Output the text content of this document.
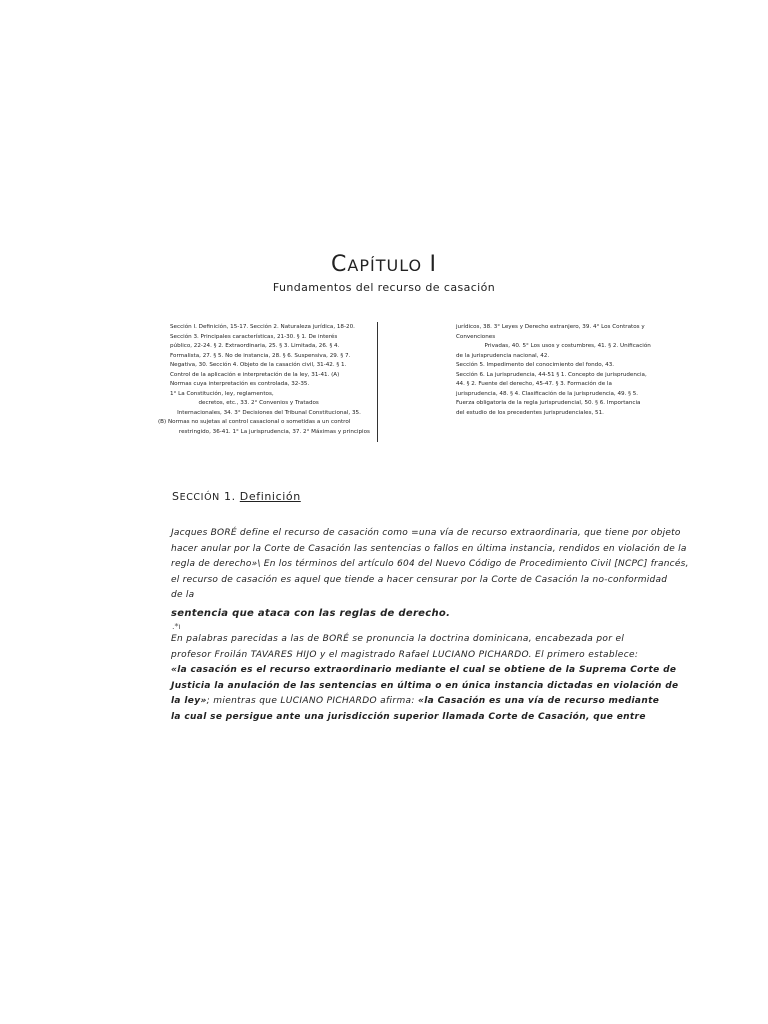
CAPÍTULO I
Fundamentos del recurso de casación
Sección I. Definición, 15-17. Sección 2. Naturaleza jurídica, 18-20.
Sección 3. Principales características, 21-30. § 1. De interés
público, 22-24. § 2. Extraordinaria, 25. § 3. Limitada, 26. § 4.
Formalista, 27. § 5. No de instancia, 28. § 6. Suspensiva, 29. § 7.
Negativa, 30. Sección 4. Objeto de la casación civil, 31-42. § 1.
Control de la aplicación e interpretación de la ley, 31-41. (A)
Normas cuya interpretación es controlada, 32-35.
1° La Constitución, ley, reglamentos,
decretos, etc., 33. 2° Convenios y Tratados
Internacionales, 34. 3° Decisiones del Tribunal Constitucional, 35.
(B) Normas no sujetas al control casacional o sometidas a un control
restringido, 36-41. 1° La jurisprudencia, 37. 2° Máximas y principios
jurídicos, 38. 3° Leyes y Derecho extranjero, 39. 4° Los Contratos y
Convenciones
Privadas, 40. 5° Los usos y costumbres, 41. § 2. Unificación
de la jurisprudencia nacional, 42.
Sección 5. Impedimento del conocimiento del fondo, 43.
Sección 6. La jurisprudencia, 44-51 § 1. Concepto de jurisprudencia,
44. § 2. Fuente del derecho, 45-47. § 3. Formación de la
jurisprudencia, 48. § 4. Clasificación de la jurisprudencia, 49. § 5.
Fuerza obligatoria de la regla jurisprudencial, 50. § 6. Importancia
del estudio de los precedentes jurisprudenciales, 51.
SECCIÓN 1. Definición
Jacques BORÉ define el recurso de casación como =una vía de recurso extraordinaria, que tiene por objeto
hacer anular por la Corte de Casación las sentencias o fallos en última instancia, rendidos en violación de la
regla de derecho»\ En los términos del artículo 604 del Nuevo Código de Procedimiento Civil [NCPC] francés,
el recurso de casación es aquel que tiende a hacer censurar por la Corte de Casación la no-conformidad
de la
sentencia que ataca con las reglas de derecho.
.*ı
En palabras parecidas a las de BORÉ se pronuncia la doctrina dominicana, encabezada por el
profesor Froilán TAVARES HIJO y el magistrado Rafael LUCIANO PICHARDO. El primero establece:
«la casación es el recurso extraordinario mediante el cual se obtiene de la Suprema Corte de
Justicia la anulación de las sentencias en última o en única instancia dictadas en violación de
la ley»; mientras que LUCIANO PICHARDO afirma: «la Casación es una vía de recurso mediante
la cual se persigue ante una jurisdicción superior llamada Corte de Casación, que entre
